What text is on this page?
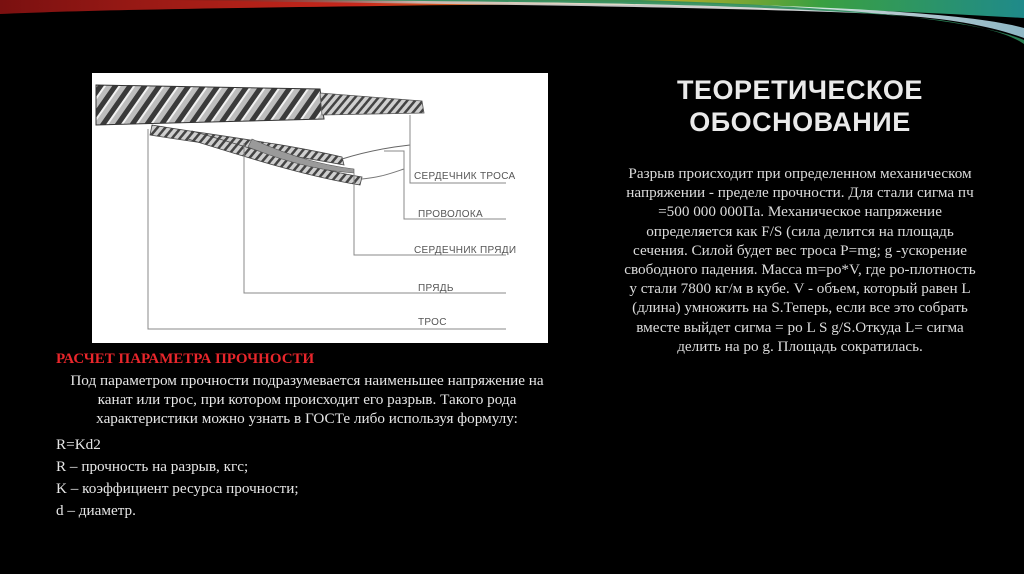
СЕРДЕЧНИК ТРОСА
ПРОВОЛОКА
СЕРДЕЧНИК ПРЯДИ
ПРЯДЬ
ТРОС
ТЕОРЕТИЧЕСКОЕ
ОБОСНОВАНИЕ
Разрыв происходит при определенном механическом напряжении - пределе прочности. Для стали сигма пч =500 000 000Па. Механическое напряжение определяется как F/S (сила делится на площадь сечения. Силой будет вес троса P=mg; g -ускорение свободного падения. Масса m=po*V, где po-плотность у стали 7800 кг/м в кубе. V - объем, который равен L (длина) умножить на S.Теперь, если все это собрать вместе выйдет сигма = po L S g/S.Откуда L= сигма делить на po g. Площадь сократилась.
РАСЧЕТ ПАРАМЕТРА ПРОЧНОСТИ
Под параметром прочности подразумевается наименьшее напряжение на канат или трос, при котором происходит его разрыв. Такого рода характеристики можно узнать в ГОСТе либо используя формулу:
R=Kd2
R – прочность на разрыв, кгс;
K – коэффициент ресурса прочности;
d – диаметр.
